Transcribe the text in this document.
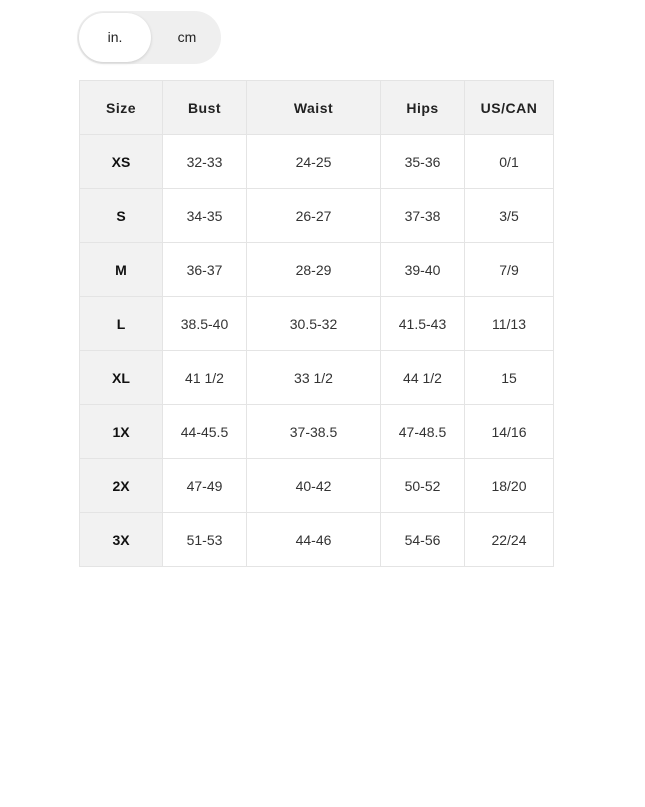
in.	cm
Size	Bust	Waist	Hips	US/CAN
XS	32-33	24-25	35-36	0/1
S	34-35	26-27	37-38	3/5
M	36-37	28-29	39-40	7/9
L	38.5-40	30.5-32	41.5-43	11/13
XL	41 1/2	33 1/2	44 1/2	15
1X	44-45.5	37-38.5	47-48.5	14/16
2X	47-49	40-42	50-52	18/20
3X	51-53	44-46	54-56	22/24
